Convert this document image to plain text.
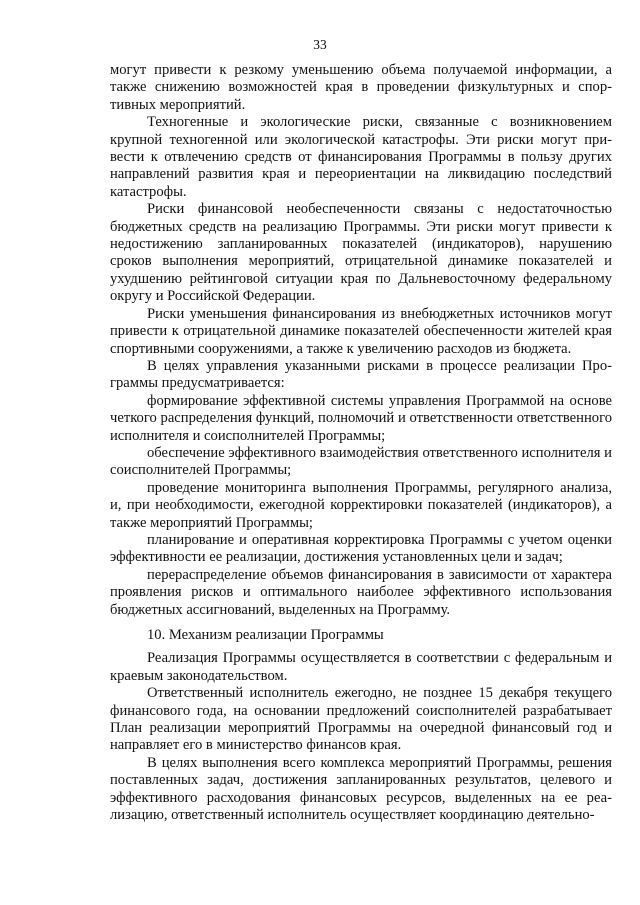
33

могут привести к резкому уменьшению объема получаемой информации, а также снижению возможностей края в проведении физкультурных и спортивных мероприятий.

Техногенные и экологические риски, связанные с возникновением крупной техногенной или экологической катастрофы. Эти риски могут привести к отвлечению средств от финансирования Программы в пользу других направлений развития края и переориентации на ликвидацию последствий катастрофы.

Риски финансовой необеспеченности связаны с недостаточностью бюджетных средств на реализацию Программы. Эти риски могут привести к недостижению запланированных показателей (индикаторов), нарушению сроков выполнения мероприятий, отрицательной динамике показателей и ухудшению рейтинговой ситуации края по Дальневосточному федеральному округу и Российской Федерации.

Риски уменьшения финансирования из внебюджетных источников могут привести к отрицательной динамике показателей обеспеченности жителей края спортивными сооружениями, а также к увеличению расходов из бюджета.

В целях управления указанными рисками в процессе реализации Программы предусматривается:

формирование эффективной системы управления Программой на основе четкого распределения функций, полномочий и ответственности ответственного исполнителя и соисполнителей Программы;

обеспечение эффективного взаимодействия ответственного исполнителя и соисполнителей Программы;

проведение мониторинга выполнения Программы, регулярного анализа, и, при необходимости, ежегодной корректировки показателей (индикаторов), а также мероприятий Программы;

планирование и оперативная корректировка Программы с учетом оценки эффективности ее реализации, достижения установленных цели и задач;

перераспределение объемов финансирования в зависимости от характера проявления рисков и оптимального наиболее эффективного использования бюджетных ассигнований, выделенных на Программу.

10. Механизм реализации Программы

Реализация Программы осуществляется в соответствии с федеральным и краевым законодательством.

Ответственный исполнитель ежегодно, не позднее 15 декабря текущего финансового года, на основании предложений соисполнителей разрабатывает План реализации мероприятий Программы на очередной финансовый год и направляет его в министерство финансов края.

В целях выполнения всего комплекса мероприятий Программы, решения поставленных задач, достижения запланированных результатов, целевого и эффективного расходования финансовых ресурсов, выделенных на ее реализацию, ответственный исполнитель осуществляет координацию деятельно-
